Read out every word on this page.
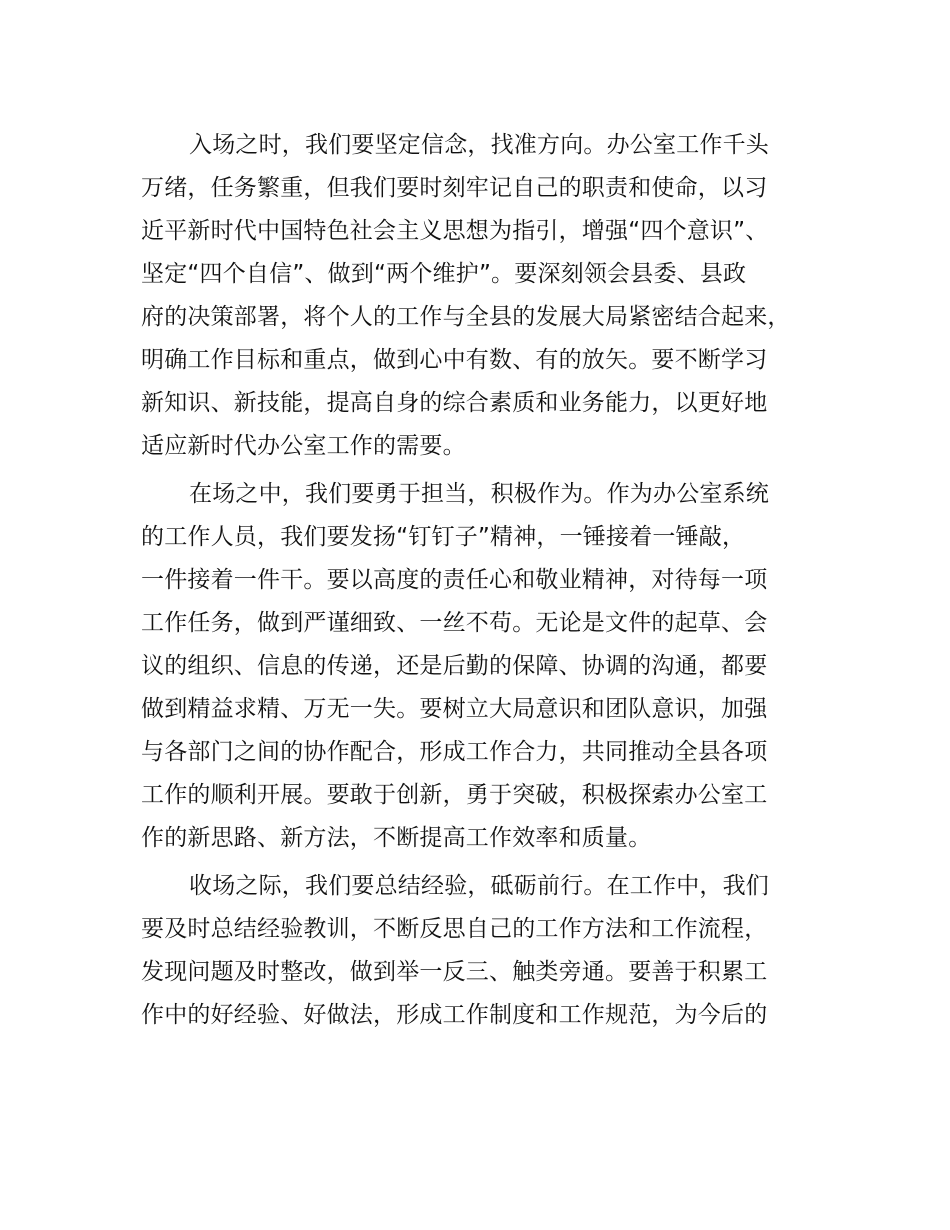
入场之时，我们要坚定信念，找准方向。办公室工作千头
万绪，任务繁重，但我们要时刻牢记自己的职责和使命，以习
近平新时代中国特色社会主义思想为指引，增强“四个意识”、
坚定“四个自信”、做到“两个维护”。要深刻领会县委、县政
府的决策部署，将个人的工作与全县的发展大局紧密结合起来，
明确工作目标和重点，做到心中有数、有的放矢。要不断学习
新知识、新技能，提高自身的综合素质和业务能力，以更好地
适应新时代办公室工作的需要。
在场之中，我们要勇于担当，积极作为。作为办公室系统
的工作人员，我们要发扬“钉钉子”精神，一锤接着一锤敲，
一件接着一件干。要以高度的责任心和敬业精神，对待每一项
工作任务，做到严谨细致、一丝不苟。无论是文件的起草、会
议的组织、信息的传递，还是后勤的保障、协调的沟通，都要
做到精益求精、万无一失。要树立大局意识和团队意识，加强
与各部门之间的协作配合，形成工作合力，共同推动全县各项
工作的顺利开展。要敢于创新，勇于突破，积极探索办公室工
作的新思路、新方法，不断提高工作效率和质量。
收场之际，我们要总结经验，砥砺前行。在工作中，我们
要及时总结经验教训，不断反思自己的工作方法和工作流程，
发现问题及时整改，做到举一反三、触类旁通。要善于积累工
作中的好经验、好做法，形成工作制度和工作规范，为今后的
